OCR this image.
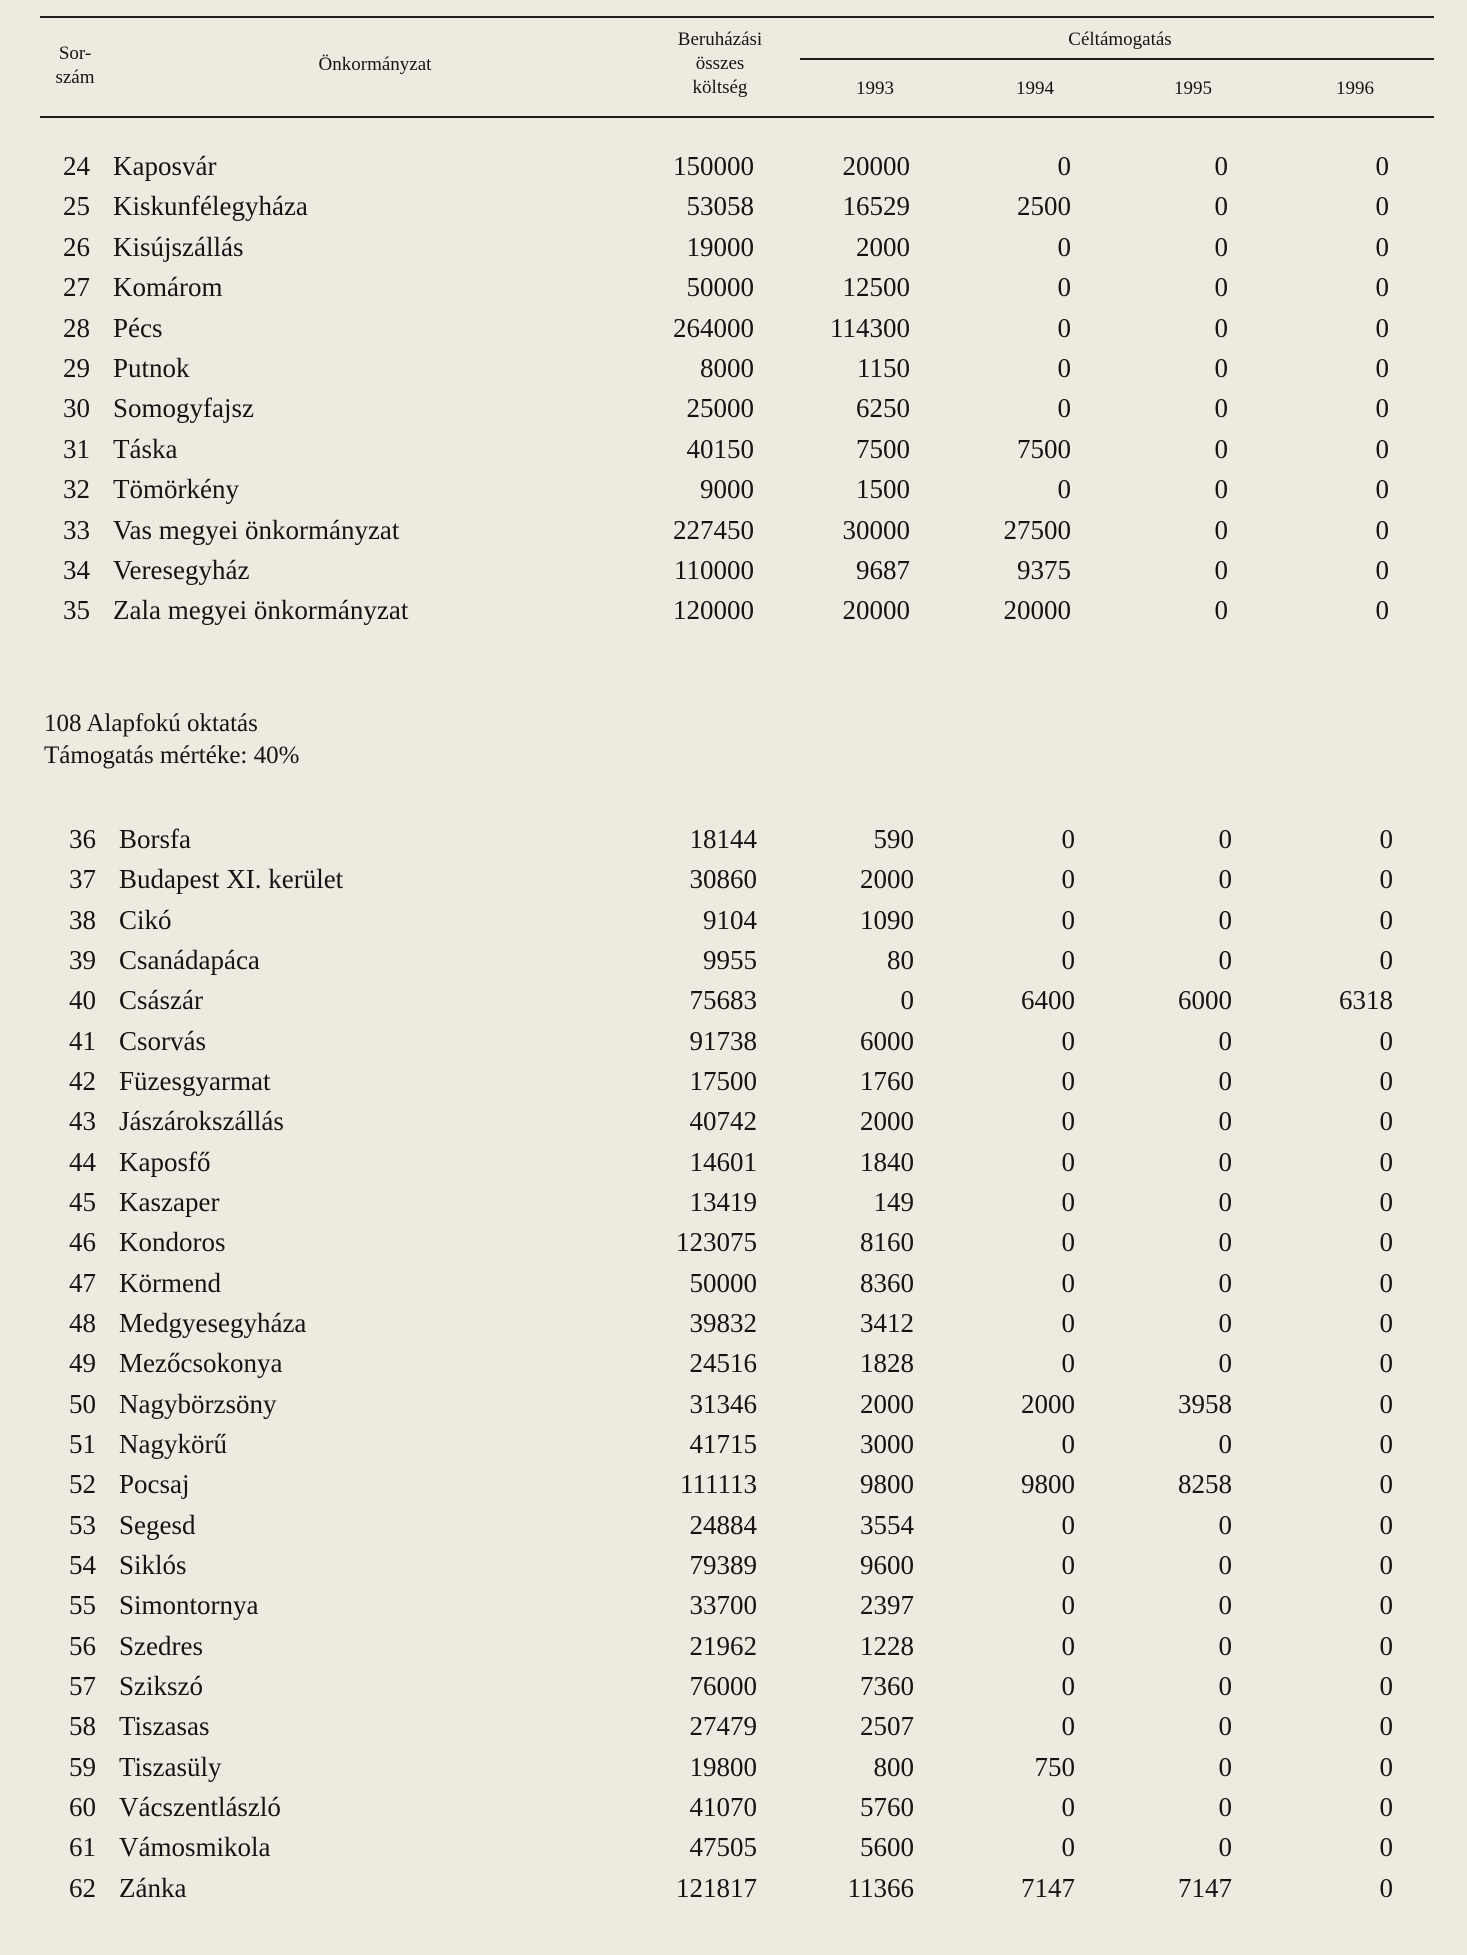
Sor-
szám
Önkormányzat
Beruházási
összes
költség
Céltámogatás
1993	1994	1995	1996
108 Alapfokú oktatás
Támogatás mértéke: 40%
24 Kaposvár	150000	20000	0	0	0
25 Kiskunfélegyháza	53058	16529	2500	0	0
26 Kisújszállás	19000	2000	0	0	0
27 Komárom	50000	12500	0	0	0
28 Pécs	264000	114300	0	0	0
29 Putnok	8000	1150	0	0	0
30 Somogyfajsz	25000	6250	0	0	0
31 Táska	40150	7500	7500	0	0
32 Tömörkény	9000	1500	0	0	0
33 Vas megyei önkormányzat	227450	30000	27500	0	0
34 Veresegyház	110000	9687	9375	0	0
35 Zala megyei önkormányzat	120000	20000	20000	0	0
36 Borsfa	18144	590	0	0	0
37 Budapest XI. kerület	30860	2000	0	0	0
38 Cikó	9104	1090	0	0	0
39 Csanádapáca	9955	80	0	0	0
40 Császár	75683	0	6400	6000	6318
41 Csorvás	91738	6000	0	0	0
42 Füzesgyarmat	17500	1760	0	0	0
43 Jászárokszállás	40742	2000	0	0	0
44 Kaposfő	14601	1840	0	0	0
45 Kaszaper	13419	149	0	0	0
46 Kondoros	123075	8160	0	0	0
47 Körmend	50000	8360	0	0	0
48 Medgyesegyháza	39832	3412	0	0	0
49 Mezőcsokonya	24516	1828	0	0	0
50 Nagybörzsöny	31346	2000	2000	3958	0
51 Nagykörű	41715	3000	0	0	0
52 Pocsaj	111113	9800	9800	8258	0
53 Segesd	24884	3554	0	0	0
54 Siklós	79389	9600	0	0	0
55 Simontornya	33700	2397	0	0	0
56 Szedres	21962	1228	0	0	0
57 Szikszó	76000	7360	0	0	0
58 Tiszasas	27479	2507	0	0	0
59 Tiszasüly	19800	800	750	0	0
60 Vácszentlászló	41070	5760	0	0	0
61 Vámosmikola	47505	5600	0	0	0
62 Zánka	121817	11366	7147	7147	0
